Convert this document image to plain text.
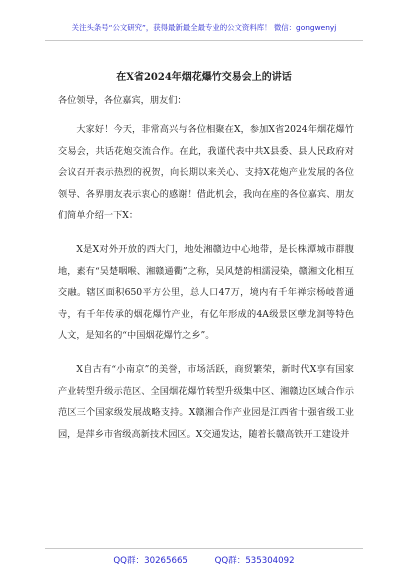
关注头条号“公文研究”，获得最新最全最专业的公文资料库！ 微信：gongwenyj
在X省2024年烟花爆竹交易会上的讲话

各位领导，各位嘉宾，朋友们：

大家好！今天，非常高兴与各位相聚在X，参加X省2024年烟花爆竹交易会，共话花炮交流合作。在此，我谨代表中共X县委、县人民政府对会议召开表示热烈的祝贺，向长期以来关心、支持X花炮产业发展的各位领导、各界朋友表示衷心的感谢！借此机会，我向在座的各位嘉宾、朋友们简单介绍一下X：

X是X对外开放的西大门，地处湘赣边中心地带，是长株潭城市群腹地，素有“吴楚咽喉、湘赣通衢”之称，吴风楚韵相濡浸染，赣湘文化相互交融。辖区面积650平方公里，总人口47万，境内有千年禅宗杨岐普通寺，有千年传承的烟花爆竹产业，有亿年形成的4A级景区孽龙洞等特色人文，是知名的“中国烟花爆竹之乡”。

X自古有“小南京”的美誉，市场活跃，商贸繁荣，新时代X享有国家产业转型升级示范区、全国烟花爆竹转型升级集中区、湘赣边区域合作示范区三个国家级发展战略支持。X赣湘合作产业园是江西省十强省级工业园，是萍乡市省级高新技术园区。X交通发达，随着长赣高铁开工建设并

QQ群：30265665	QQ群：535304092
